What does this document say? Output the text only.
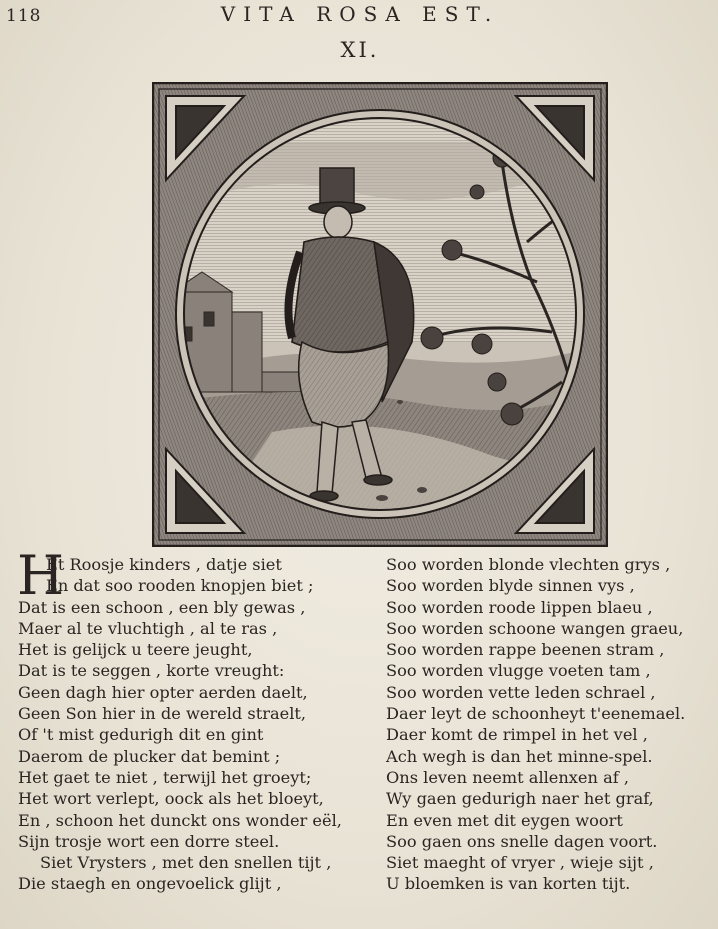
118	VITA ROSA EST.
XI.
H
Et Roosje kinders , datje siet
En dat soo rooden knopjen biet ;
Dat is een schoon , een bly gewas ,
Maer al te vluchtigh , al te ras ,
Het is gelijck u teere jeught,
Dat is te seggen , korte vreught:
Geen dagh hier opter aerden daelt,
Geen Son hier in de wereld straelt,
Of 't mist gedurigh dit en gint
Daerom de plucker dat bemint ;
Het gaet te niet , terwijl het groeyt;
Het wort verlept, oock als het bloeyt,
En , schoon het dunckt ons wonder eël,
Sijn trosje wort een dorre steel.
Siet Vrysters , met den snellen tijt ,
Die staegh en ongevoelick glijt ,
Soo worden blonde vlechten grys ,
Soo worden blyde sinnen vys ,
Soo worden roode lippen blaeu ,
Soo worden schoone wangen graeu,
Soo worden rappe beenen stram ,
Soo worden vlugge voeten tam ,
Soo worden vette leden schrael ,
Daer leyt de schoonheyt t'eenemael.
Daer komt de rimpel in het vel ,
Ach wegh is dan het minne-spel.
Ons leven neemt allenxen af ,
Wy gaen gedurigh naer het graf,
En even met dit eygen woort
Soo gaen ons snelle dagen voort.
Siet maeght of vryer , wieje sijt ,
U bloemken is van korten tijt.
